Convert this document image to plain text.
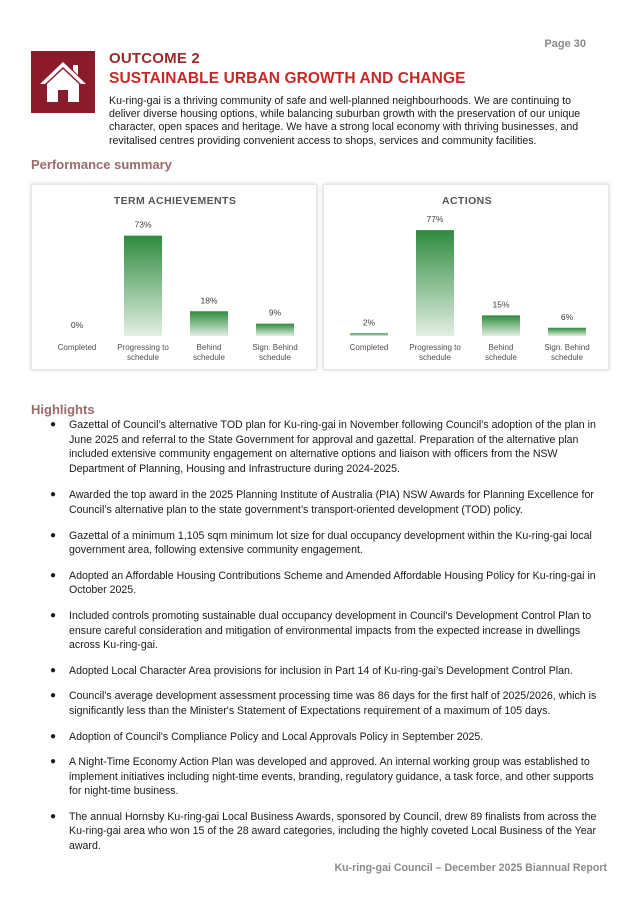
Page 30
OUTCOME 2
SUSTAINABLE URBAN GROWTH AND CHANGE

Ku-ring-gai is a thriving community of safe and well-planned neighbourhoods. We are continuing to deliver diverse housing options, while balancing suburban growth with the preservation of our unique character, open spaces and heritage. We have a strong local economy with thriving businesses, and revitalised centres providing convenient access to shops, services and community facilities.

Performance summary
TERM ACHIEVEMENTS
0%
Completed
73%
Progressing to schedule
18%
Behind schedule
9%
Sign. Behind schedule
ACTIONS
2%
Completed
77%
Progressing to schedule
15%
Behind schedule
6%
Sign. Behind schedule
Highlights
● Gazettal of Council’s alternative TOD plan for Ku-ring-gai in November following Council’s adoption of the plan in June 2025 and referral to the State Government for approval and gazettal. Preparation of the alternative plan included extensive community engagement on alternative options and liaison with officers from the NSW Department of Planning, Housing and Infrastructure during 2024-2025.
● Awarded the top award in the 2025 Planning Institute of Australia (PIA) NSW Awards for Planning Excellence for Council’s alternative plan to the state government’s transport-oriented development (TOD) policy.
● Gazettal of a minimum 1,105 sqm minimum lot size for dual occupancy development within the Ku-ring-gai local government area, following extensive community engagement.
● Adopted an Affordable Housing Contributions Scheme and Amended Affordable Housing Policy for Ku-ring-gai in October 2025.
● Included controls promoting sustainable dual occupancy development in Council’s Development Control Plan to ensure careful consideration and mitigation of environmental impacts from the expected increase in dwellings across Ku-ring-gai.
● Adopted Local Character Area provisions for inclusion in Part 14 of Ku-ring-gai’s Development Control Plan.
● Council's average development assessment processing time was 86 days for the first half of 2025/2026, which is significantly less than the Minister's Statement of Expectations requirement of a maximum of 105 days.
● Adoption of Council's Compliance Policy and Local Approvals Policy in September 2025.
● A Night-Time Economy Action Plan was developed and approved. An internal working group was established to implement initiatives including night-time events, branding, regulatory guidance, a task force, and other supports for night-time business.
● The annual Hornsby Ku-ring-gai Local Business Awards, sponsored by Council, drew 89 finalists from across the Ku-ring-gai area who won 15 of the 28 award categories, including the highly coveted Local Business of the Year award.
Ku-ring-gai Council – December 2025 Biannual Report
